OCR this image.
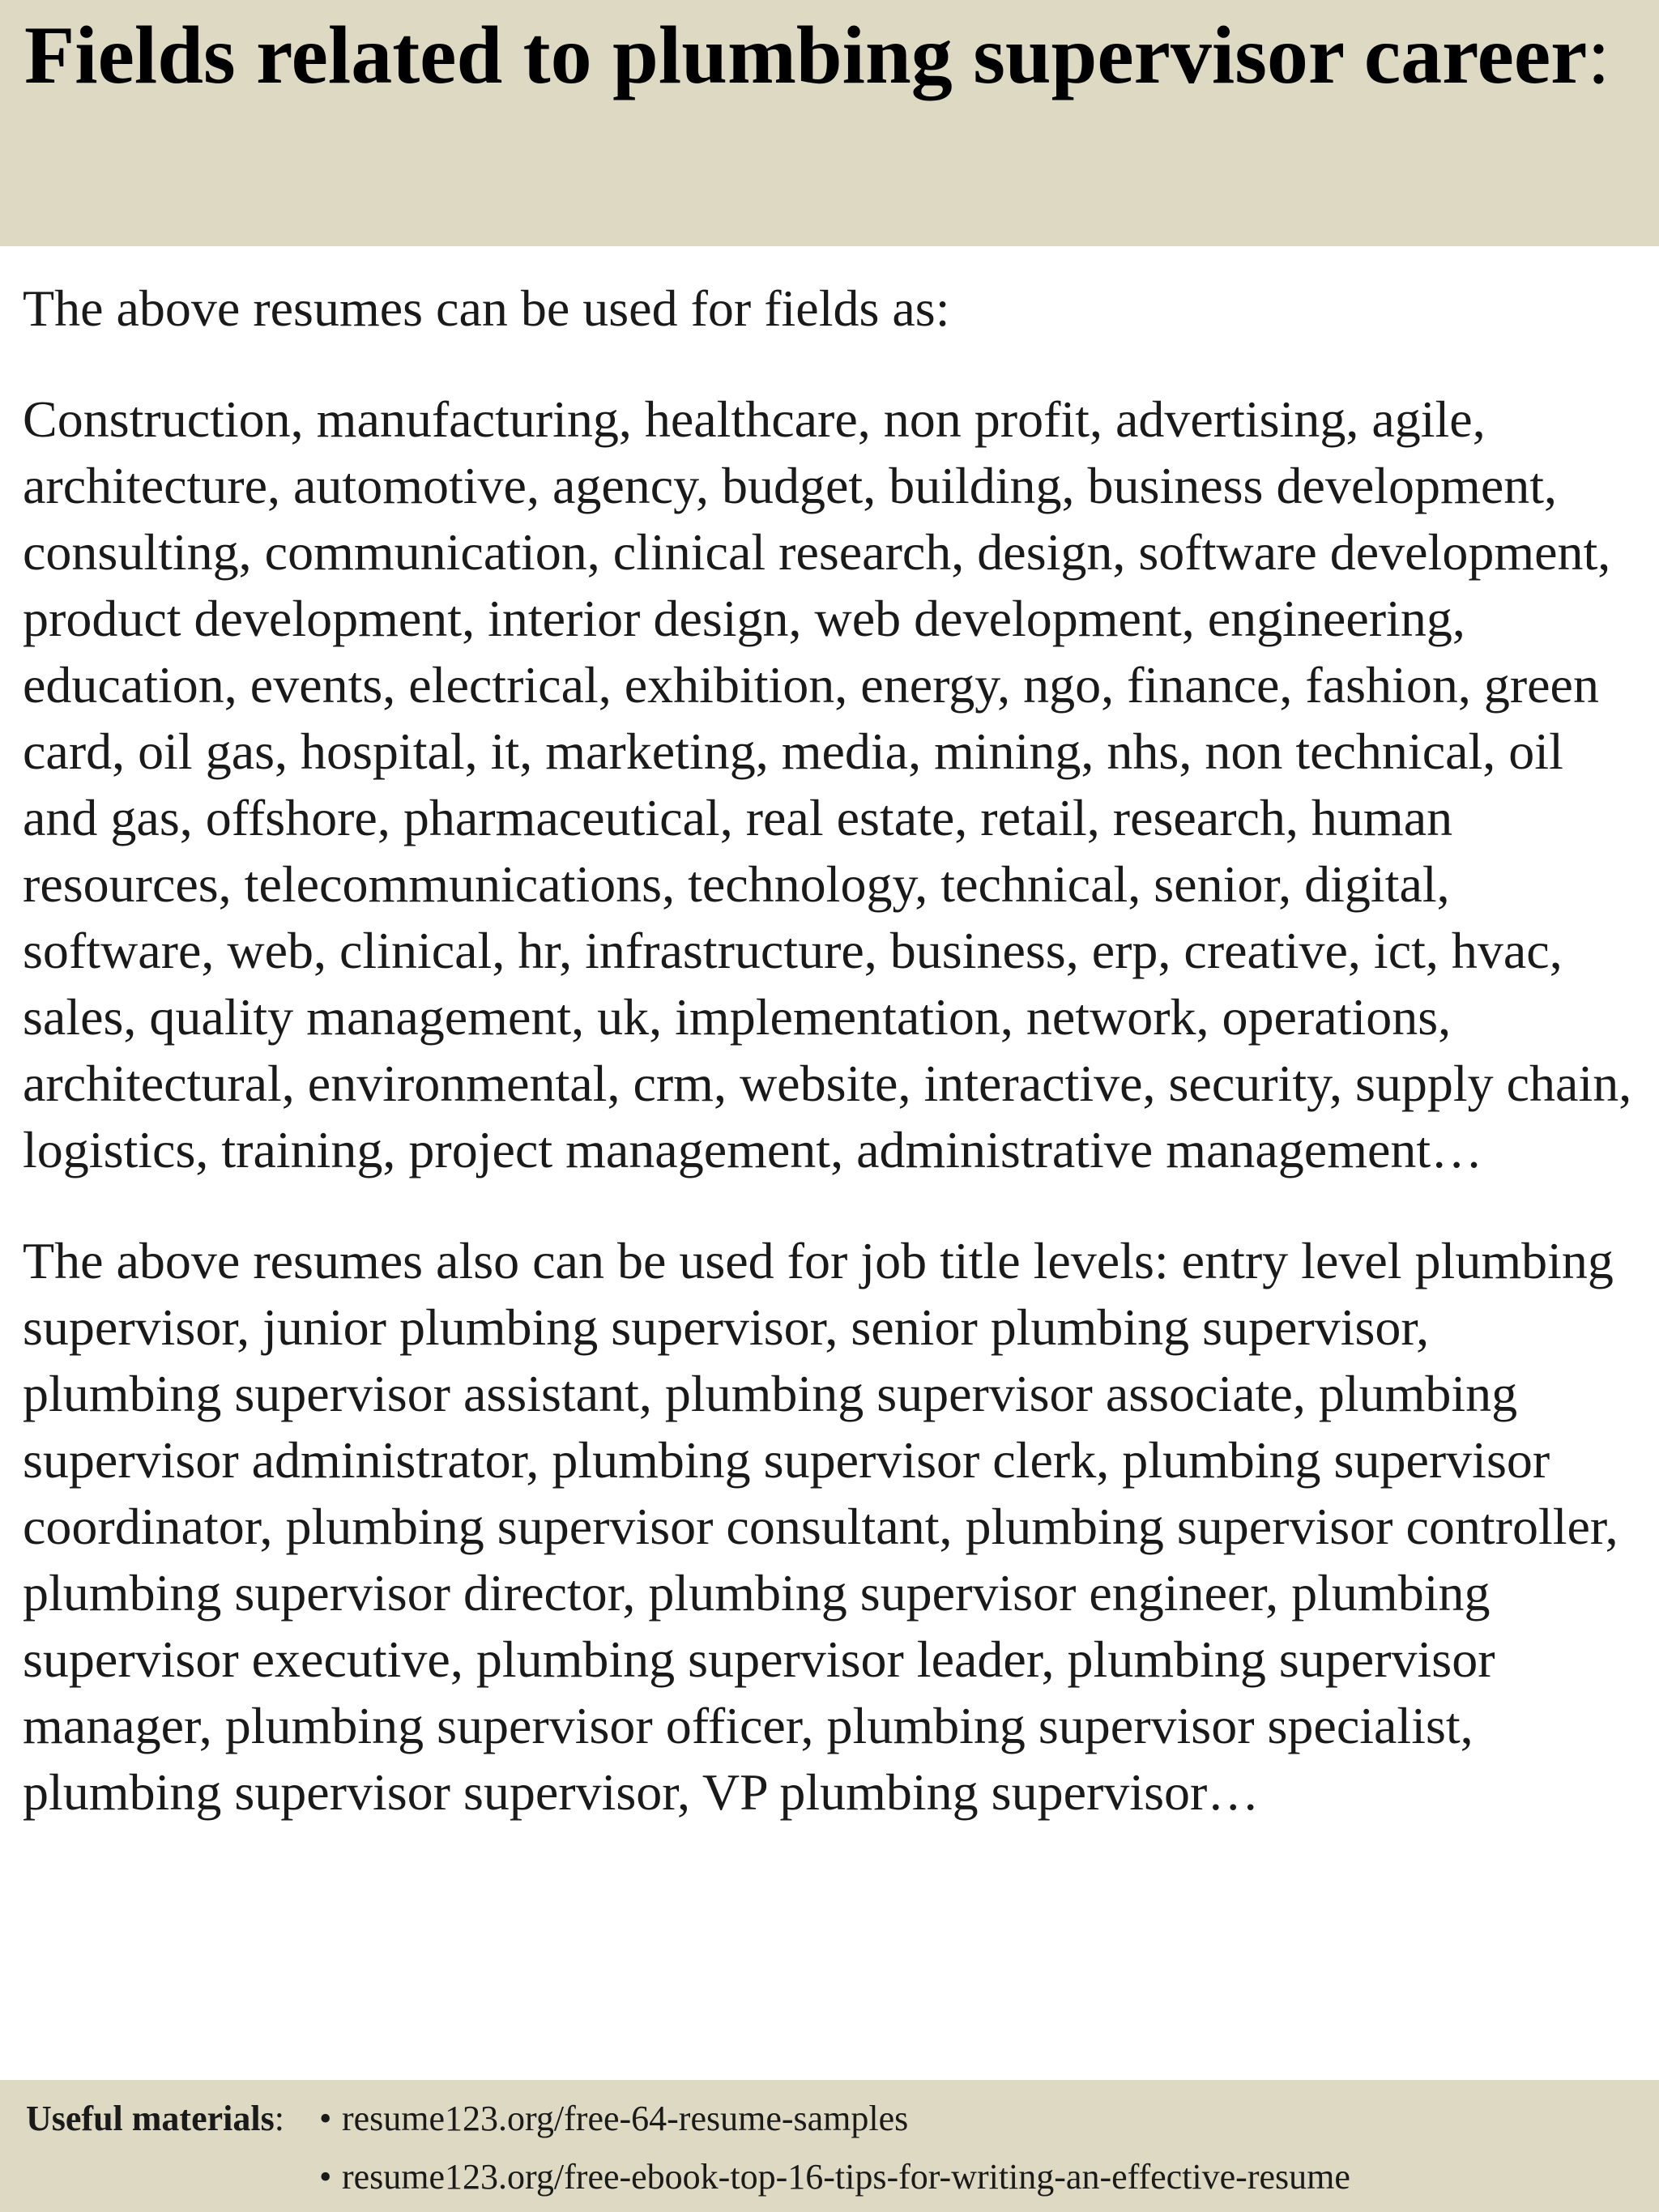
Fields related to plumbing supervisor career:

The above resumes can be used for fields as:

Construction, manufacturing, healthcare, non profit, advertising, agile, architecture, automotive, agency, budget, building, business development, consulting, communication, clinical research, design, software development, product development, interior design, web development, engineering, education, events, electrical, exhibition, energy, ngo, finance, fashion, green card, oil gas, hospital, it, marketing, media, mining, nhs, non technical, oil and gas, offshore, pharmaceutical, real estate, retail, research, human resources, telecommunications, technology, technical, senior, digital, software, web, clinical, hr, infrastructure, business, erp, creative, ict, hvac, sales, quality management, uk, implementation, network, operations, architectural, environmental, crm, website, interactive, security, supply chain, logistics, training, project management, administrative management…

The above resumes also can be used for job title levels: entry level plumbing supervisor, junior plumbing supervisor, senior plumbing supervisor, plumbing supervisor assistant, plumbing supervisor associate, plumbing supervisor administrator, plumbing supervisor clerk, plumbing supervisor coordinator, plumbing supervisor consultant, plumbing supervisor controller, plumbing supervisor director, plumbing supervisor engineer, plumbing supervisor executive, plumbing supervisor leader, plumbing supervisor manager, plumbing supervisor officer, plumbing supervisor specialist, plumbing supervisor supervisor, VP plumbing supervisor…

Useful materials: • resume123.org/free-64-resume-samples
• resume123.org/free-ebook-top-16-tips-for-writing-an-effective-resume
